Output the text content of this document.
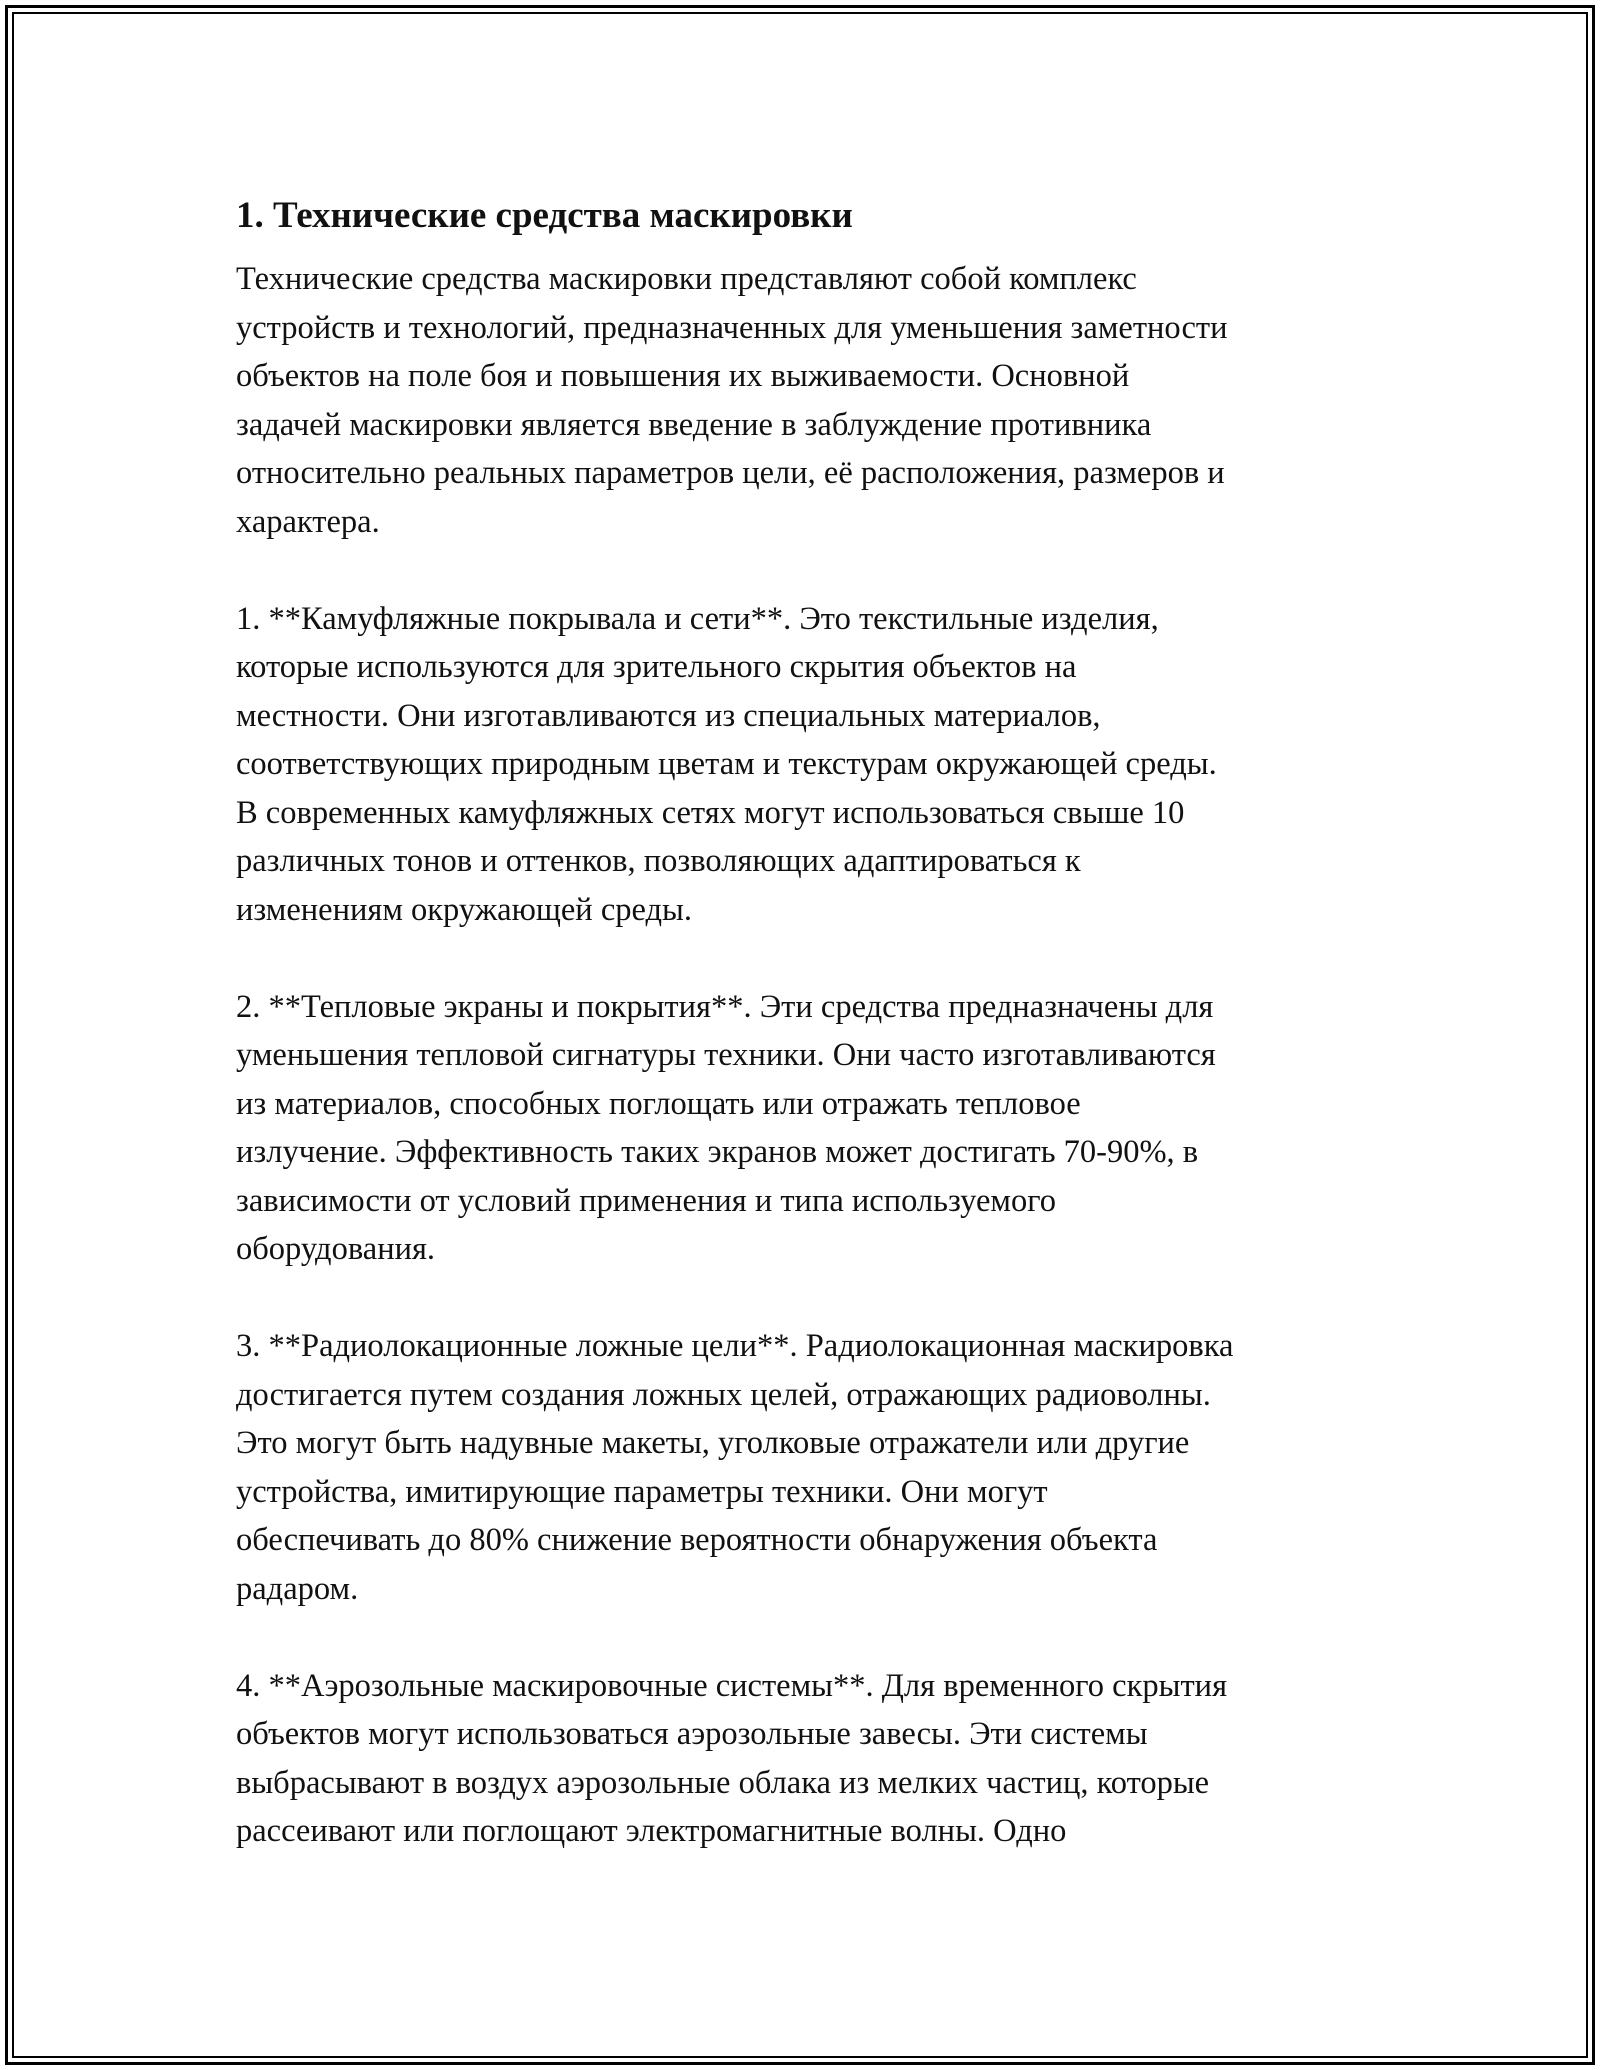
1. Технические средства маскировки

Технические средства маскировки представляют собой комплекс
устройств и технологий, предназначенных для уменьшения заметности
объектов на поле боя и повышения их выживаемости. Основной
задачей маскировки является введение в заблуждение противника
относительно реальных параметров цели, её расположения, размеров и
характера.

1. **Камуфляжные покрывала и сети**. Это текстильные изделия,
которые используются для зрительного скрытия объектов на
местности. Они изготавливаются из специальных материалов,
соответствующих природным цветам и текстурам окружающей среды.
В современных камуфляжных сетях могут использоваться свыше 10
различных тонов и оттенков, позволяющих адаптироваться к
изменениям окружающей среды.

2. **Тепловые экраны и покрытия**. Эти средства предназначены для
уменьшения тепловой сигнатуры техники. Они часто изготавливаются
из материалов, способных поглощать или отражать тепловое
излучение. Эффективность таких экранов может достигать 70-90%, в
зависимости от условий применения и типа используемого
оборудования.

3. **Радиолокационные ложные цели**. Радиолокационная маскировка
достигается путем создания ложных целей, отражающих радиоволны.
Это могут быть надувные макеты, уголковые отражатели или другие
устройства, имитирующие параметры техники. Они могут
обеспечивать до 80% снижение вероятности обнаружения объекта
радаром.

4. **Аэрозольные маскировочные системы**. Для временного скрытия
объектов могут использоваться аэрозольные завесы. Эти системы
выбрасывают в воздух аэрозольные облака из мелких частиц, которые
рассеивают или поглощают электромагнитные волны. Одно
